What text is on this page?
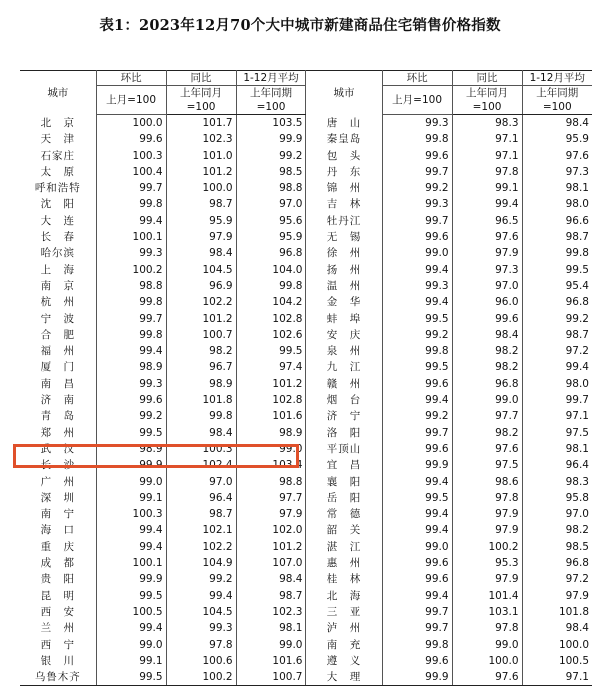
表1：2023年12月70个大中城市新建商品住宅销售价格指数
城市	环比	同比	1-12月平均	城市	环比	同比	1-12月平均
	上月=100	上年同月	上年同期		上月=100	上年同月	上年同期
		=100	=100			=100	=100
北　京	100.0	101.7	103.5	唐　山	99.3	98.3	98.4
天　津	99.6	102.3	99.9	秦皇岛	99.8	97.1	95.9
石家庄	100.3	101.0	99.2	包　头	99.6	97.1	97.6
太　原	100.4	101.2	98.5	丹　东	99.7	97.8	97.3
呼和浩特	99.7	100.0	98.8	锦　州	99.2	99.1	98.1
沈　阳	99.8	98.7	97.0	吉　林	99.3	99.4	98.0
大　连	99.4	95.9	95.6	牡丹江	99.7	96.5	96.6
长　春	100.1	97.9	95.9	无　锡	99.6	97.6	98.7
哈尔滨	99.3	98.4	96.8	徐　州	99.0	97.9	99.8
上　海	100.2	104.5	104.0	扬　州	99.4	97.3	99.5
南　京	98.8	96.9	99.8	温　州	99.3	97.0	95.4
杭　州	99.8	102.2	104.2	金　华	99.4	96.0	96.8
宁　波	99.7	101.2	102.8	蚌　埠	99.5	99.6	99.2
合　肥	99.8	100.7	102.6	安　庆	99.2	98.4	98.7
福　州	99.4	98.2	99.5	泉　州	99.8	98.2	97.2
厦　门	98.9	96.7	97.4	九　江	99.5	98.2	99.4
南　昌	99.3	98.9	101.2	赣　州	99.6	96.8	98.0
济　南	99.6	101.8	102.8	烟　台	99.4	99.0	99.7
青　岛	99.2	99.8	101.6	济　宁	99.2	97.7	97.1
郑　州	99.5	98.4	98.9	洛　阳	99.7	98.2	97.5
武　汉	98.9	100.3	99.0	平顶山	99.6	97.6	98.1
长　沙	99.9	102.4	103.4	宜　昌	99.9	97.5	96.4
广　州	99.0	97.0	98.8	襄　阳	99.4	98.6	98.3
深　圳	99.1	96.4	97.7	岳　阳	99.5	97.8	95.8
南　宁	100.3	98.7	97.9	常　德	99.4	97.9	97.0
海　口	99.4	102.1	102.0	韶　关	99.4	97.9	98.2
重　庆	99.4	102.2	101.2	湛　江	99.0	100.2	98.5
成　都	100.1	104.9	107.0	惠　州	99.6	95.3	96.8
贵　阳	99.9	99.2	98.4	桂　林	99.6	97.9	97.2
昆　明	99.5	99.4	98.7	北　海	99.4	101.4	97.9
西　安	100.5	104.5	102.3	三　亚	99.7	103.1	101.8
兰　州	99.4	99.3	98.1	泸　州	99.7	97.8	98.4
西　宁	99.0	97.8	99.0	南　充	99.8	99.0	100.0
银　川	99.1	100.6	101.6	遵　义	99.6	100.0	100.5
乌鲁木齐	99.5	100.2	100.7	大　理	99.9	97.6	97.1
